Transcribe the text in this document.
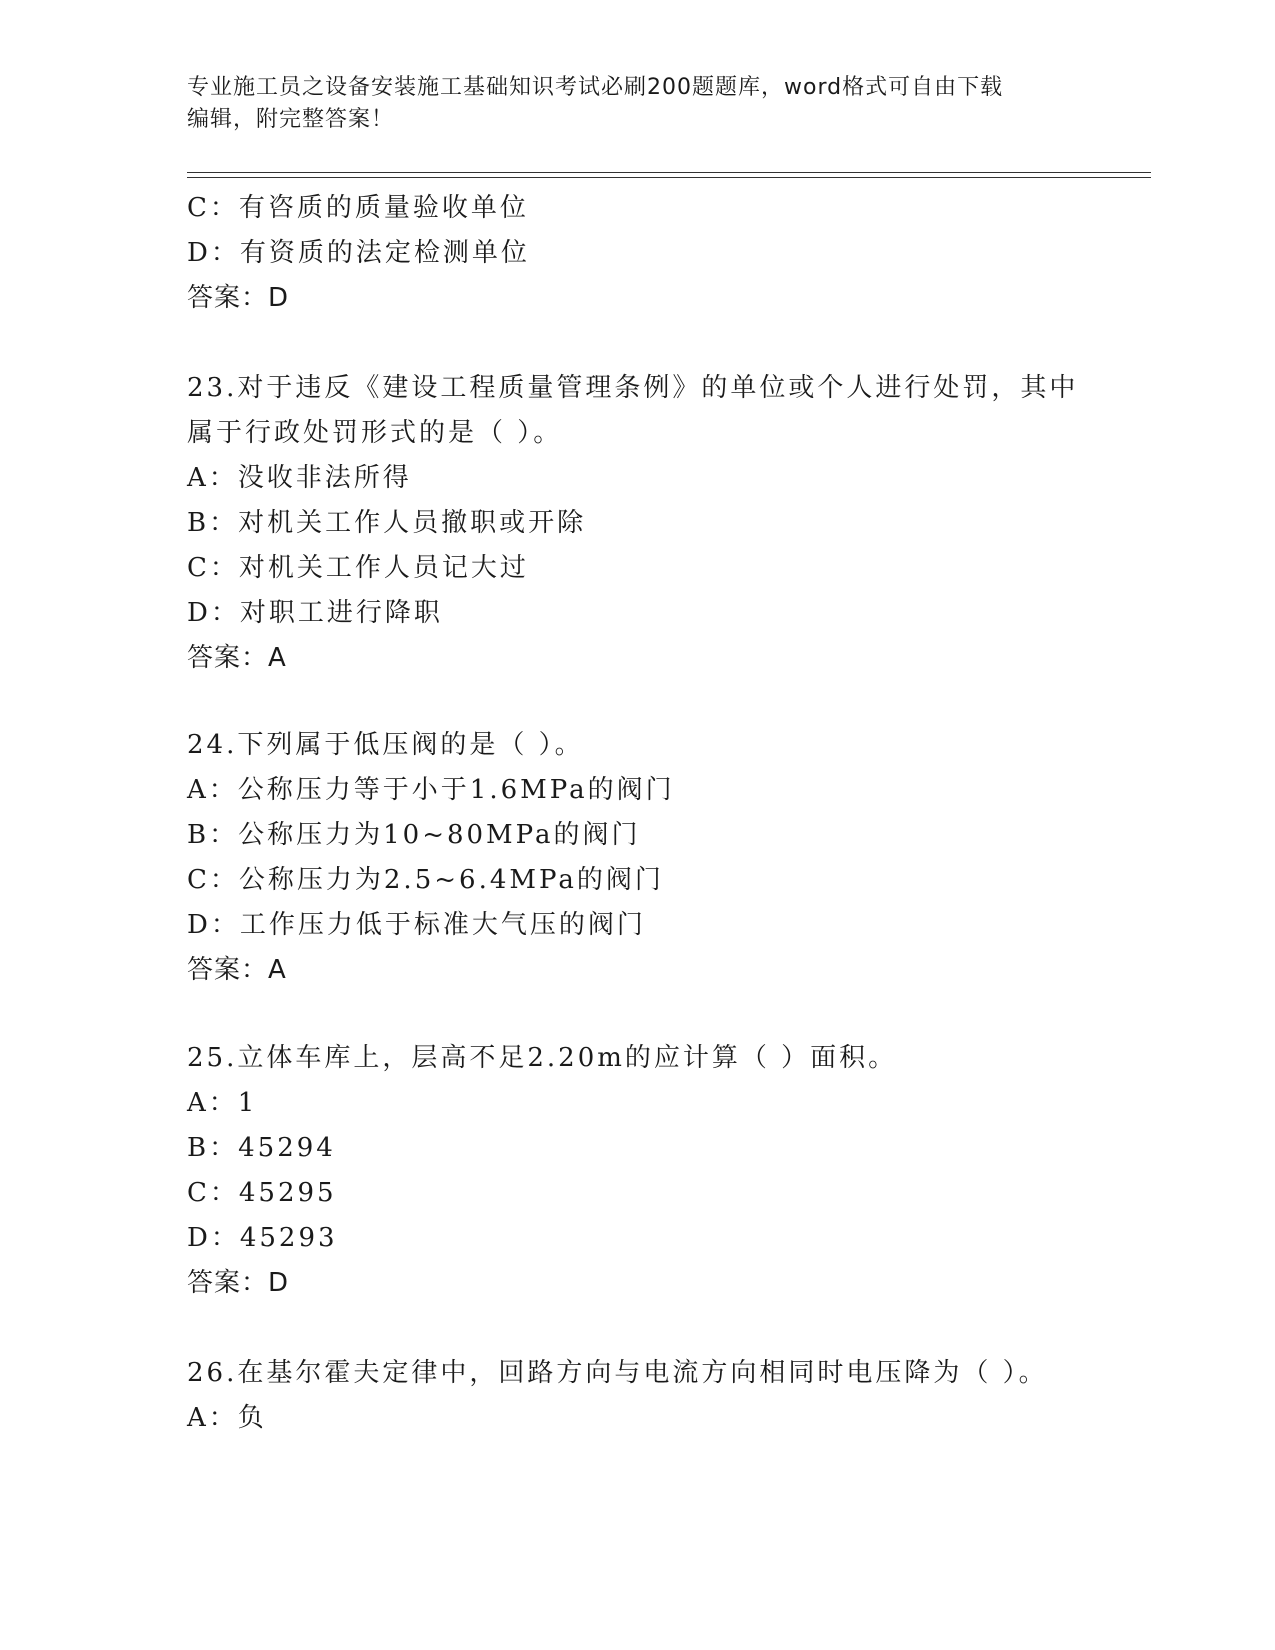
专业施工员之设备安装施工基础知识考试必刷200题题库，word格式可自由下载
编辑，附完整答案！
C：有咨质的质量验收单位
D：有资质的法定检测单位
答案：D
23.对于违反《建设工程质量管理条例》的单位或个人进行处罚，其中
属于行政处罚形式的是（ ）。
A：没收非法所得
B：对机关工作人员撤职或开除
C：对机关工作人员记大过
D：对职工进行降职
答案：A
24.下列属于低压阀的是（ ）。
A：公称压力等于小于1.6MPa的阀门
B：公称压力为10~80MPa的阀门
C：公称压力为2.5~6.4MPa的阀门
D：工作压力低于标准大气压的阀门
答案：A
25.立体车库上，层高不足2.20m的应计算（ ）面积。
A：1
B：45294
C：45295
D：45293
答案：D
26.在基尔霍夫定律中，回路方向与电流方向相同时电压降为（ ）。
A：负
